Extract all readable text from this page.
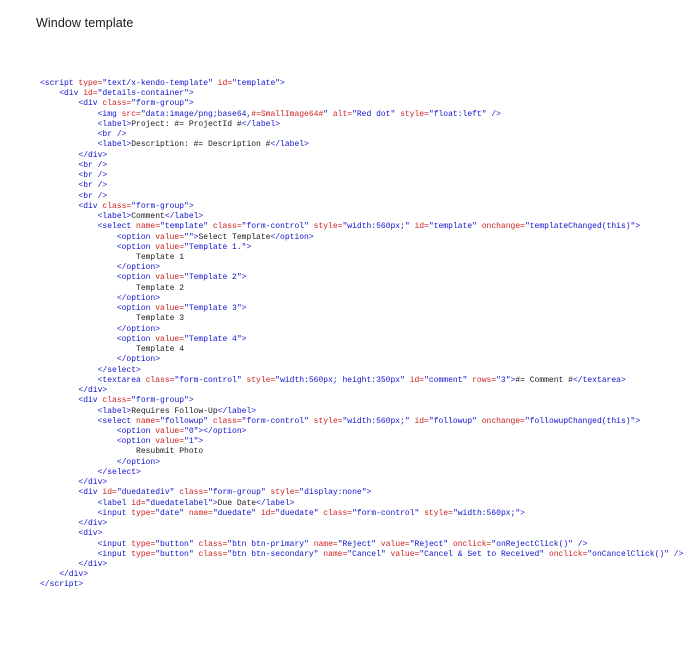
Window template
<script type="text/x-kendo-template" id="template">
<div id="details-container">
<div class="form-group">
<img src="data:image/png;base64,#=SmallImage64#" alt="Red dot" style="float:left" />
<label>Project: #= ProjectId #</label>
<br />
<label>Description: #= Description #</label>
</div>
<br />
<br />
<br />
<br />
<div class="form-group">
<label>Comment</label>
<select name="template" class="form-control" style="width:560px;" id="template" onchange="templateChanged(this)">
<option value="">Select Template</option>
<option value="Template 1.">
Template 1
</option>
<option value="Template 2">
Template 2
</option>
<option value="Template 3">
Template 3
</option>
<option value="Template 4">
Template 4
</option>
</select>
<textarea class="form-control" style="width:560px; height:350px" id="comment" rows="3">#= Comment #</textarea>
</div>
<div class="form-group">
<label>Requires Follow-Up</label>
<select name="followup" class="form-control" style="width:560px;" id="followup" onchange="followupChanged(this)">
<option value="0"></option>
<option value="1">
Resubmit Photo
</option>
</select>
</div>
<div id="duedatediv" class="form-group" style="display:none">
<label id="duedatelabel">Due Date</label>
<input type="date" name="duedate" id="duedate" class="form-control" style="width:560px;">
</div>
<div>
<input type="button" class="btn btn-primary" name="Reject" value="Reject" onclick="onRejectClick()" />
<input type="button" class="btn btn-secondary" name="Cancel" value="Cancel & Set to Received" onclick="onCancelClick()" />
</div>
</div>
</script>
